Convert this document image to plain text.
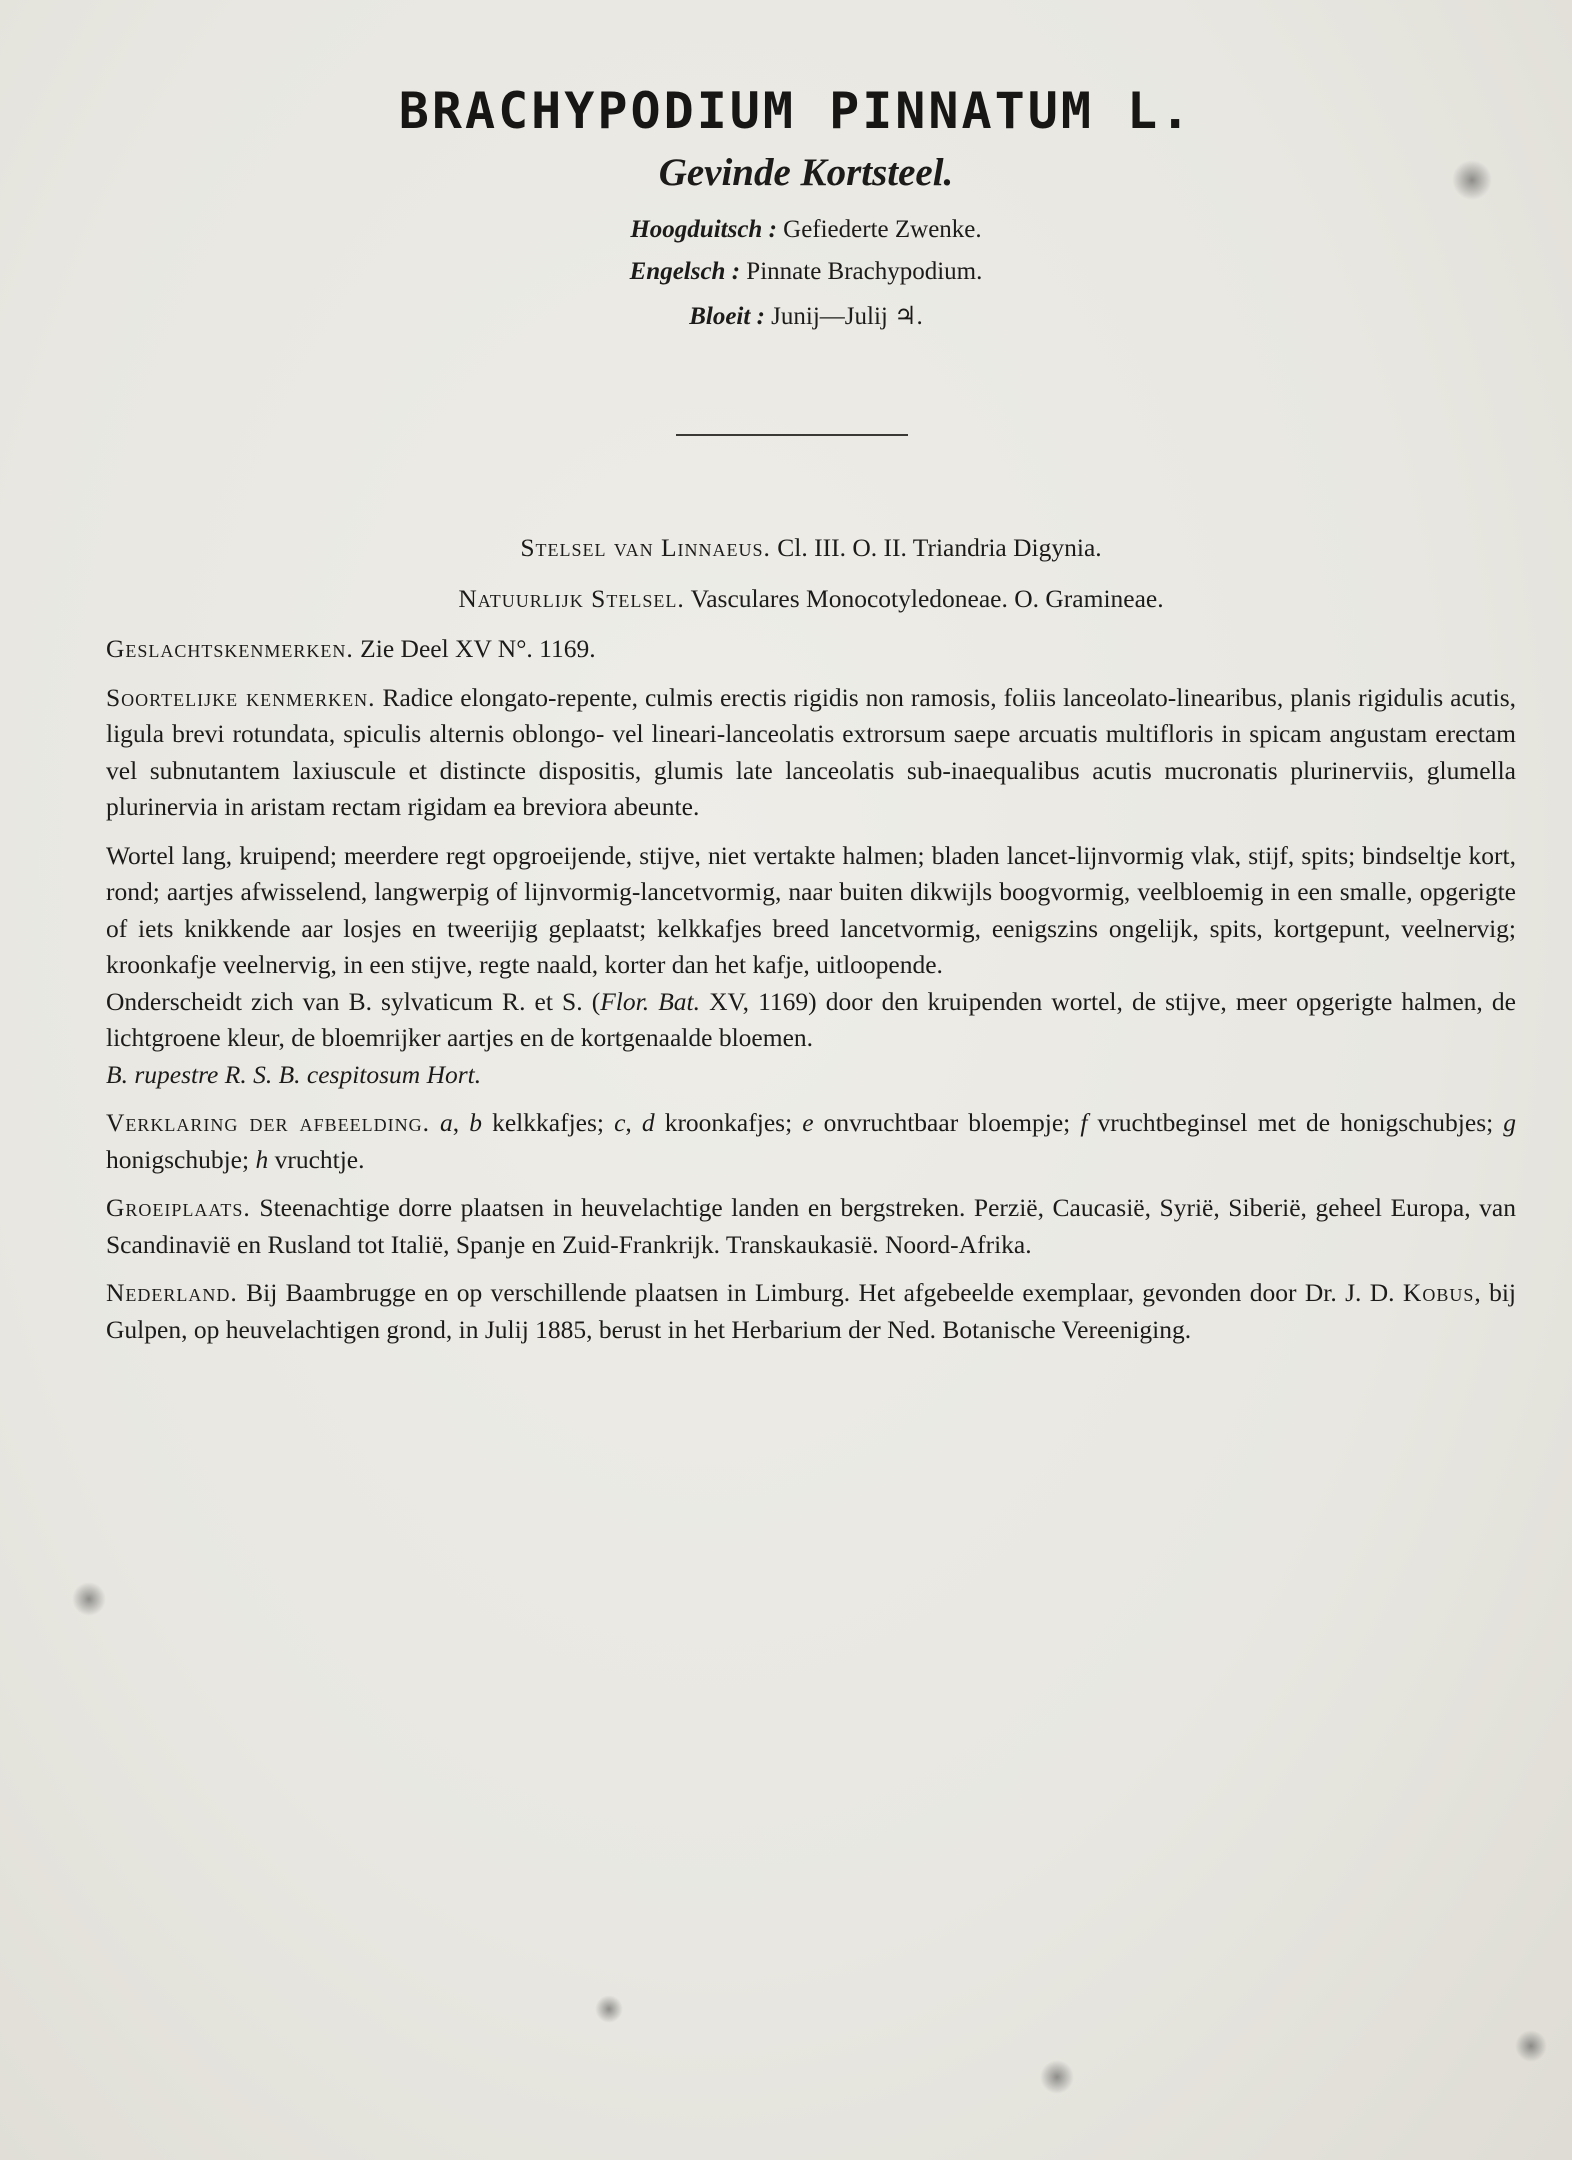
BRACHYPODIUM PINNATUM L.
Gevinde Kortsteel.
Hoogduitsch : Gefiederte Zwenke.
Engelsch : Pinnate Brachypodium.
Bloeit : Junij—Julij ♃.

Stelsel van Linnaeus. Cl. III. O. II. Triandria Digynia.

Natuurlijk Stelsel. Vasculares Monocotyledoneae. O. Gramineae.

Geslachtskenmerken. Zie Deel XV N°. 1169.

Soortelijke kenmerken. Radice elongato-repente, culmis erectis rigidis non ramosis, foliis lanceolato-linearibus, planis rigidulis acutis, ligula brevi rotundata, spiculis alternis oblongo- vel lineari-lanceolatis extrorsum saepe arcuatis multifloris in spicam angustam erectam vel subnutantem laxiuscule et distincte dispositis, glumis late lanceolatis sub-inaequalibus acutis mucronatis plurinerviis, glumella plurinervia in aristam rectam rigidam ea breviora abeunte.

Wortel lang, kruipend; meerdere regt opgroeijende, stijve, niet vertakte halmen; bladen lancet-lijnvormig vlak, stijf, spits; bindseltje kort, rond; aartjes afwisselend, langwerpig of lijnvormig-lancetvormig, naar buiten dikwijls boogvormig, veelbloemig in een smalle, opgerigte of iets knikkende aar losjes en tweerijig geplaatst; kelkkafjes breed lancetvormig, eenigszins ongelijk, spits, kortgepunt, veelnervig; kroonkafje veelnervig, in een stijve, regte naald, korter dan het kafje, uitloopende.

Onderscheidt zich van B. sylvaticum R. et S. (Flor. Bat. XV, 1169) door den kruipenden wortel, de stijve, meer opgerigte halmen, de lichtgroene kleur, de bloemrijker aartjes en de kortgenaalde bloemen.
B. rupestre R. S. B. cespitosum Hort.

Verklaring der afbeelding. a, b kelkkafjes; c, d kroonkafjes; e onvruchtbaar bloempje; f vruchtbeginsel met de honigschubjes; g honigschubje; h vruchtje.

Groeiplaats. Steenachtige dorre plaatsen in heuvelachtige landen en bergstreken. Perzië, Caucasië, Syrië, Siberië, geheel Europa, van Scandinavië en Rusland tot Italië, Spanje en Zuid-Frankrijk. Transkaukasië. Noord-Afrika.

Nederland. Bij Baambrugge en op verschillende plaatsen in Limburg. Het afgebeelde exemplaar, gevonden door Dr. J. D. Kobus, bij Gulpen, op heuvelachtigen grond, in Julij 1885, berust in het Herbarium der Ned. Botanische Vereeniging.
